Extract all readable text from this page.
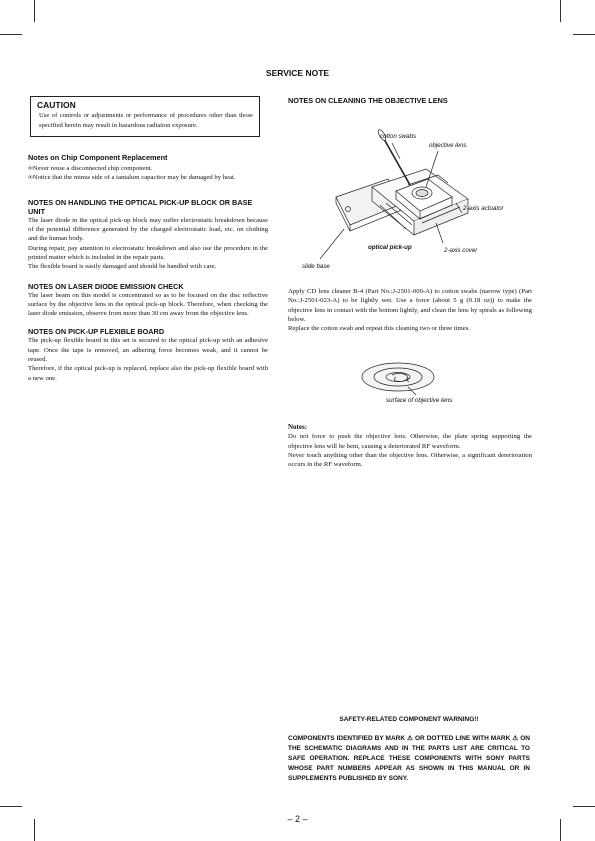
SERVICE NOTE
CAUTION

Use of controls or adjustments or performance of procedures other than those specified herein may result in hazardous radiation exposure.

Notes on Chip Component Replacement

∞Never reuse a disconnected chip component.

∞Notice that the minus side of a tantalum capacitor may be damaged by heat.

NOTES ON HANDLING THE OPTICAL PICK-UP BLOCK OR BASE UNIT

The laser diode in the optical pick-up block may suffer electrostatic breakdown because of the potential difference generated by the charged electrostatic load, etc. on clothing and the human body.

During repair, pay attention to electrostatic breakdown and also use the procedure in the printed matter which is included in the repair parts.

The flexible board is easily damaged and should be handled with care.

NOTES ON LASER DIODE EMISSION CHECK

The laser beam on this model is concentrated so as to be focused on the disc reflective surface by the objective lens in the optical pick-up block. Therefore, when checking the laser diode emission, observe from more than 30 cm away from the objective lens.

NOTES ON PICK-UP FLEXIBLE BOARD

The pick-up flexible board in this set is secured to the optical pick-up with an adhesive tape. Once the tape is removed, an adhering force becomes weak, and it cannot be reused.

Therefore, if the optical pick-up is replaced, replace also the pick-up flexible board with a new one.

NOTES ON CLEANING THE OBJECTIVE LENS
cotton swabs
objective lens
2-axis actuator
optical pick-up	2-axis cover
slide base

Apply CD lens cleaner B-4 (Part No.:J-2501-000-A) to cotton swabs (narrow type) (Part No.:J-2501-023-A) to be lightly wet. Use a force (about 5 g (0.18 oz)) to make the objective lens in contact with the bottom lightly, and clean the lens by spirals as following below.

Replace the cotton swab and repeat this cleaning two or three times.

surface of objective lens
Notes:

Do not force to push the objective lens. Otherwise, the plate spring supporting the objective lens will be bent, causing a deteriorated RF waveform.

Never touch anything other than the objective lens. Otherwise, a significant deterioration occurs in the RF waveform.

SAFETY-RELATED COMPONENT WARNING!!

COMPONENTS IDENTIFIED BY MARK ⚠ OR DOTTED LINE WITH MARK ⚠ ON THE SCHEMATIC DIAGRAMS AND IN THE PARTS LIST ARE CRITICAL TO SAFE OPERATION. REPLACE THESE COMPONENTS WITH SONY PARTS WHOSE PART NUMBERS APPEAR AS SHOWN IN THIS MANUAL OR IN SUPPLEMENTS PUBLISHED BY SONY.

– 2 –
